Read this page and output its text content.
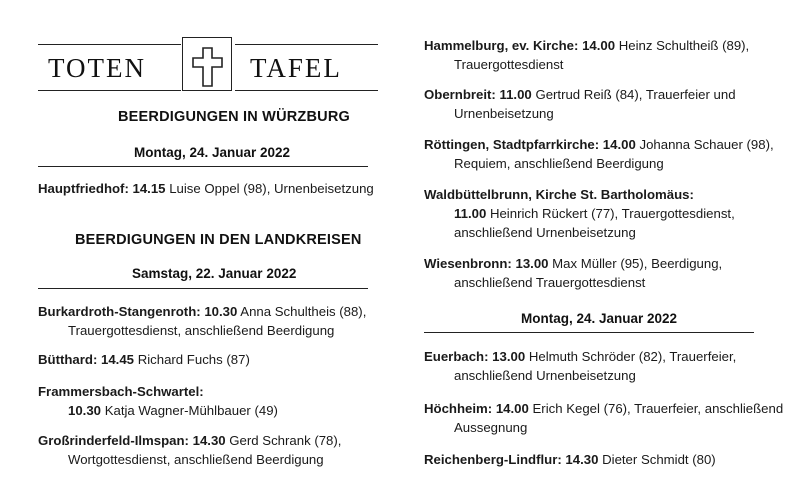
TOTEN	TAFEL
BEERDIGUNGEN IN WÜRZBURG
Montag, 24. Januar 2022
Hauptfriedhof: 14.15 Luise Oppel (98), Urnenbeisetzung
BEERDIGUNGEN IN DEN LANDKREISEN
Samstag, 22. Januar 2022
Burkardroth-Stangenroth: 10.30 Anna Schultheis (88),
Trauergottesdienst, anschließend Beerdigung
Bütthard: 14.45 Richard Fuchs (87)
Frammersbach-Schwartel:
10.30 Katja Wagner-Mühlbauer (49)
Großrinderfeld-Ilmspan: 14.30 Gerd Schrank (78),
Wortgottesdienst, anschließend Beerdigung
Hammelburg, ev. Kirche: 14.00 Heinz Schultheiß (89),
Trauergottesdienst
Obernbreit: 11.00 Gertrud Reiß (84), Trauerfeier und
Urnenbeisetzung
Röttingen, Stadtpfarrkirche: 14.00 Johanna Schauer (98),
Requiem, anschließend Beerdigung
Waldbüttelbrunn, Kirche St. Bartholomäus:
11.00 Heinrich Rückert (77), Trauergottesdienst,
anschließend Urnenbeisetzung
Wiesenbronn: 13.00 Max Müller (95), Beerdigung,
anschließend Trauergottesdienst
Montag, 24. Januar 2022
Euerbach: 13.00 Helmuth Schröder (82), Trauerfeier,
anschließend Urnenbeisetzung
Höchheim: 14.00 Erich Kegel (76), Trauerfeier, anschließend
Aussegnung
Reichenberg-Lindflur: 14.30 Dieter Schmidt (80)
